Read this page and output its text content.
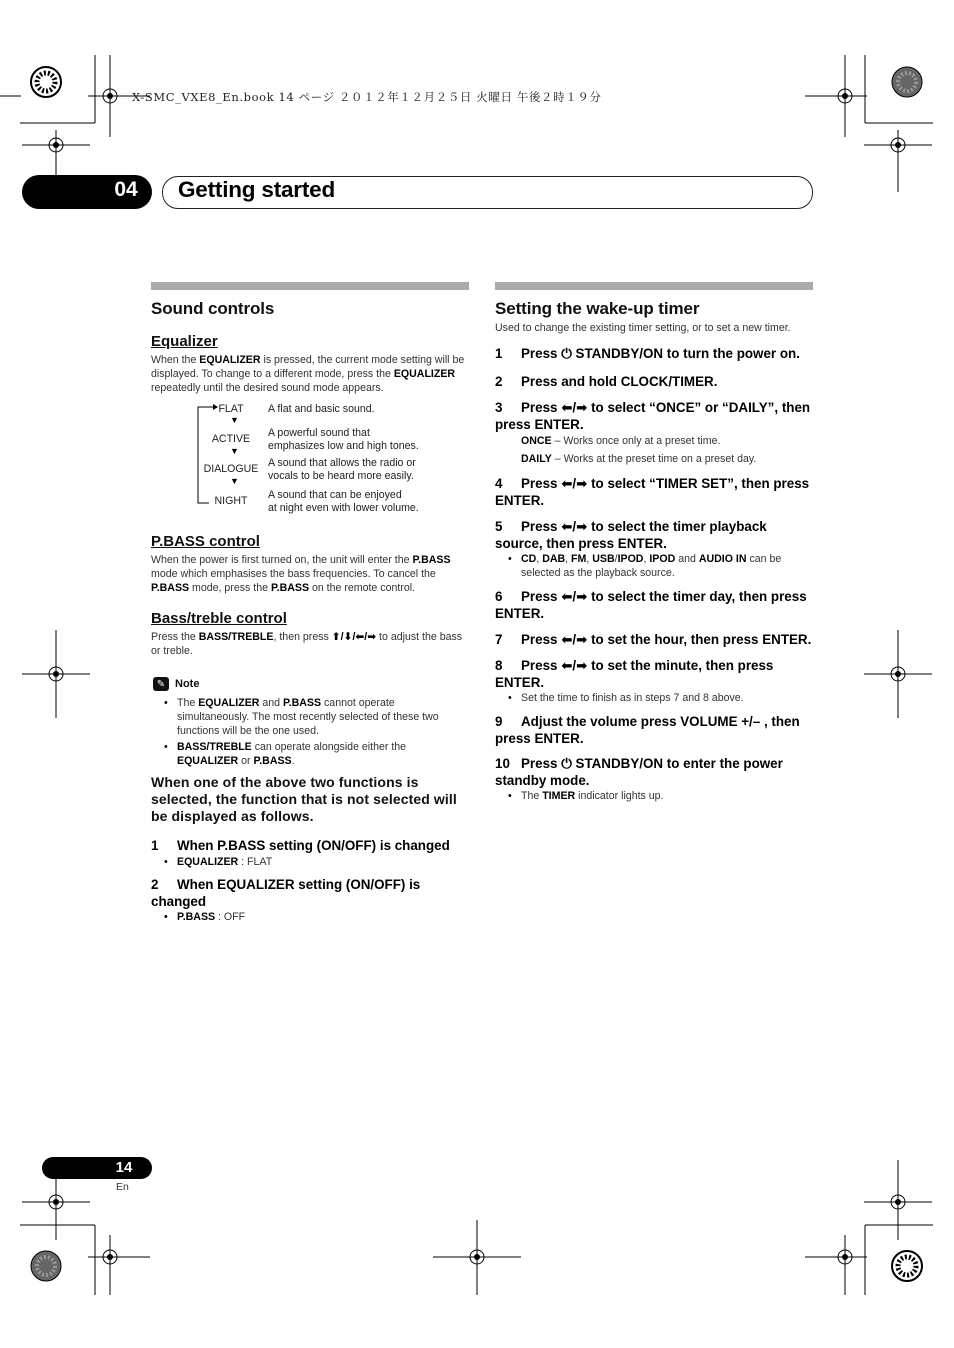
X-SMC_VXE8_En.book 14 ページ ２０１２年１２月２５日 火曜日 午後２時１９分
04	Getting started
Sound controls
Equalizer

When the EQUALIZER is pressed, the current mode setting will be displayed. To change to a different mode, press the EQUALIZER repeatedly until the desired sound mode appears.

FLAT
▼
ACTIVE
▼
DIALOGUE
▼
NIGHT
A flat and basic sound.
A powerful sound that
emphasizes low and high tones.
A sound that allows the radio or
vocals to be heard more easily.
A sound that can be enjoyed
at night even with lower volume.
P.BASS control

When the power is first turned on, the unit will enter the P.BASS mode which emphasises the bass frequencies. To cancel the P.BASS mode, press the P.BASS on the remote control.

Bass/treble control

Press the BASS/TREBLE, then press ⬆/⬇/⬅/➡ to adjust the bass or treble.

✎ Note
• The EQUALIZER and P.BASS cannot operate simultaneously. The most recently selected of these two functions will be the one used.
• BASS/TREBLE can operate alongside either the EQUALIZER or P.BASS.
When one of the above two functions is selected, the function that is not selected will be displayed as follows.
1 When P.BASS setting (ON/OFF) is changed
• EQUALIZER : FLAT
2 When EQUALIZER setting (ON/OFF) is changed
• P.BASS : OFF
Setting the wake-up timer

Used to change the existing timer setting, or to set a new timer.

1 Press ⏻ STANDBY/ON to turn the power on.
2 Press and hold CLOCK/TIMER.
3 Press ⬅/➡ to select “ONCE” or “DAILY”, then press ENTER.
ONCE – Works once only at a preset time.
DAILY – Works at the preset time on a preset day.
4 Press ⬅/➡ to select “TIMER SET”, then press ENTER.
5 Press ⬅/➡ to select the timer playback source, then press ENTER.
• CD, DAB, FM, USB/IPOD, IPOD and AUDIO IN can be selected as the playback source.
6 Press ⬅/➡ to select the timer day, then press ENTER.
7 Press ⬅/➡ to set the hour, then press ENTER.
8 Press ⬅/➡ to set the minute, then press ENTER.
• Set the time to finish as in steps 7 and 8 above.
9 Adjust the volume press VOLUME +/– , then press ENTER.
10 Press ⏻ STANDBY/ON to enter the power standby mode.
• The TIMER indicator lights up.
14
En
